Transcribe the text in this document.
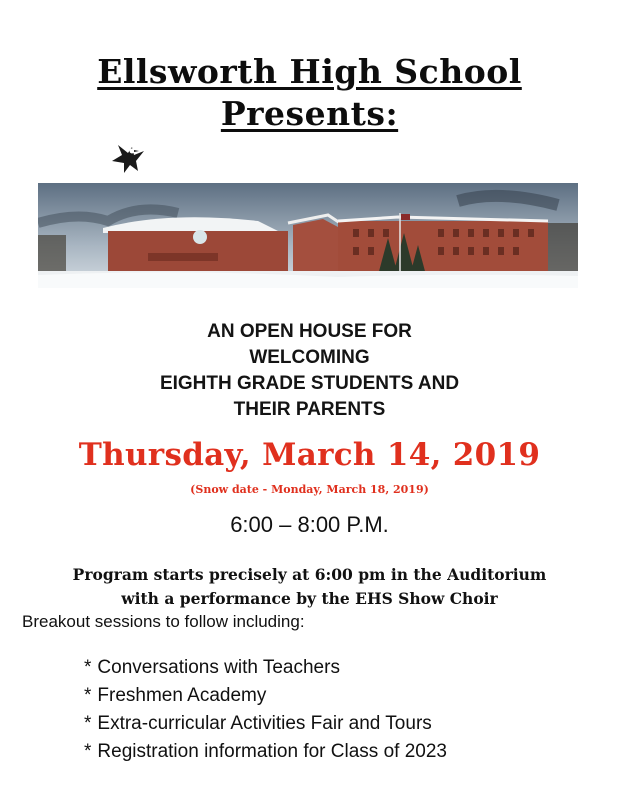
Ellsworth High School
Presents:
AN OPEN HOUSE FOR
WELCOMING
EIGHTH GRADE STUDENTS AND
THEIR PARENTS
Thursday, March 14, 2019
(Snow date - Monday, March 18, 2019)
6:00 – 8:00 P.M.
Program starts precisely at 6:00 pm in the Auditorium
with a performance by the EHS Show Choir
Breakout sessions to follow including:
* Conversations with Teachers
* Freshmen Academy
* Extra-curricular Activities Fair and Tours
* Registration information for Class of 2023
